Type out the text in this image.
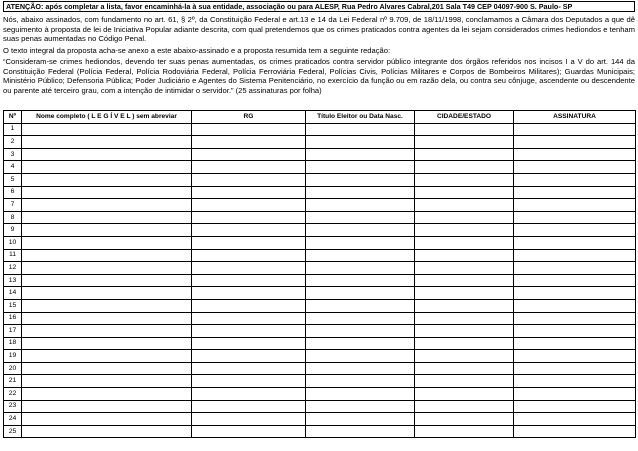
ATENÇÃO: após completar a lista, favor encaminhá-la à sua entidade, associação ou para ALESP, Rua Pedro Alvares Cabral,201 Sala T49 CEP 04097-900 S. Paulo- SP
Nós, abaixo assinados, com fundamento no art. 61, § 2º, da Constituição Federal e art.13 e 14 da Lei Federal nº 9.709, de 18/11/1998, conclamamos a Câmara dos Deputados a que dê seguimento à proposta de lei de Iniciativa Popular adiante descrita, com qual pretendemos que os crimes praticados contra agentes da lei sejam considerados crimes hediondos e tenham suas penas aumentadas no Código Penal.
O texto integral da proposta acha-se anexo a este abaixo-assinado e a proposta resumida tem a seguinte redação:
“Consideram-se crimes hediondos, devendo ter suas penas aumentadas, os crimes praticados contra servidor público integrante dos órgãos referidos nos incisos I a V do art. 144 da Constituição Federal (Polícia Federal, Polícia Rodoviária Federal, Polícia Ferroviária Federal, Polícias Civis, Polícias Militares e Corpos de Bombeiros Militares); Guardas Municipais; Ministério Público; Defensoria Pública; Poder Judiciário e Agentes do Sistema Penitenciário, no exercício da função ou em razão dela, ou contra seu cônjuge, ascendente ou descendente ou parente até terceiro grau, com a intenção de intimidar o servidor.” (25 assinaturas por folha)
Nº	Nome completo ( L E G Í V E L ) sem abreviar	RG	Título Eleitor ou Data Nasc.	CIDADE/ESTADO	ASSINATURA
1					
2					
3					
4					
5					
6					
7					
8					
9					
10					
11					
12					
13					
14					
15					
16					
17					
18					
19					
20					
21					
22					
23					
24					
25					
